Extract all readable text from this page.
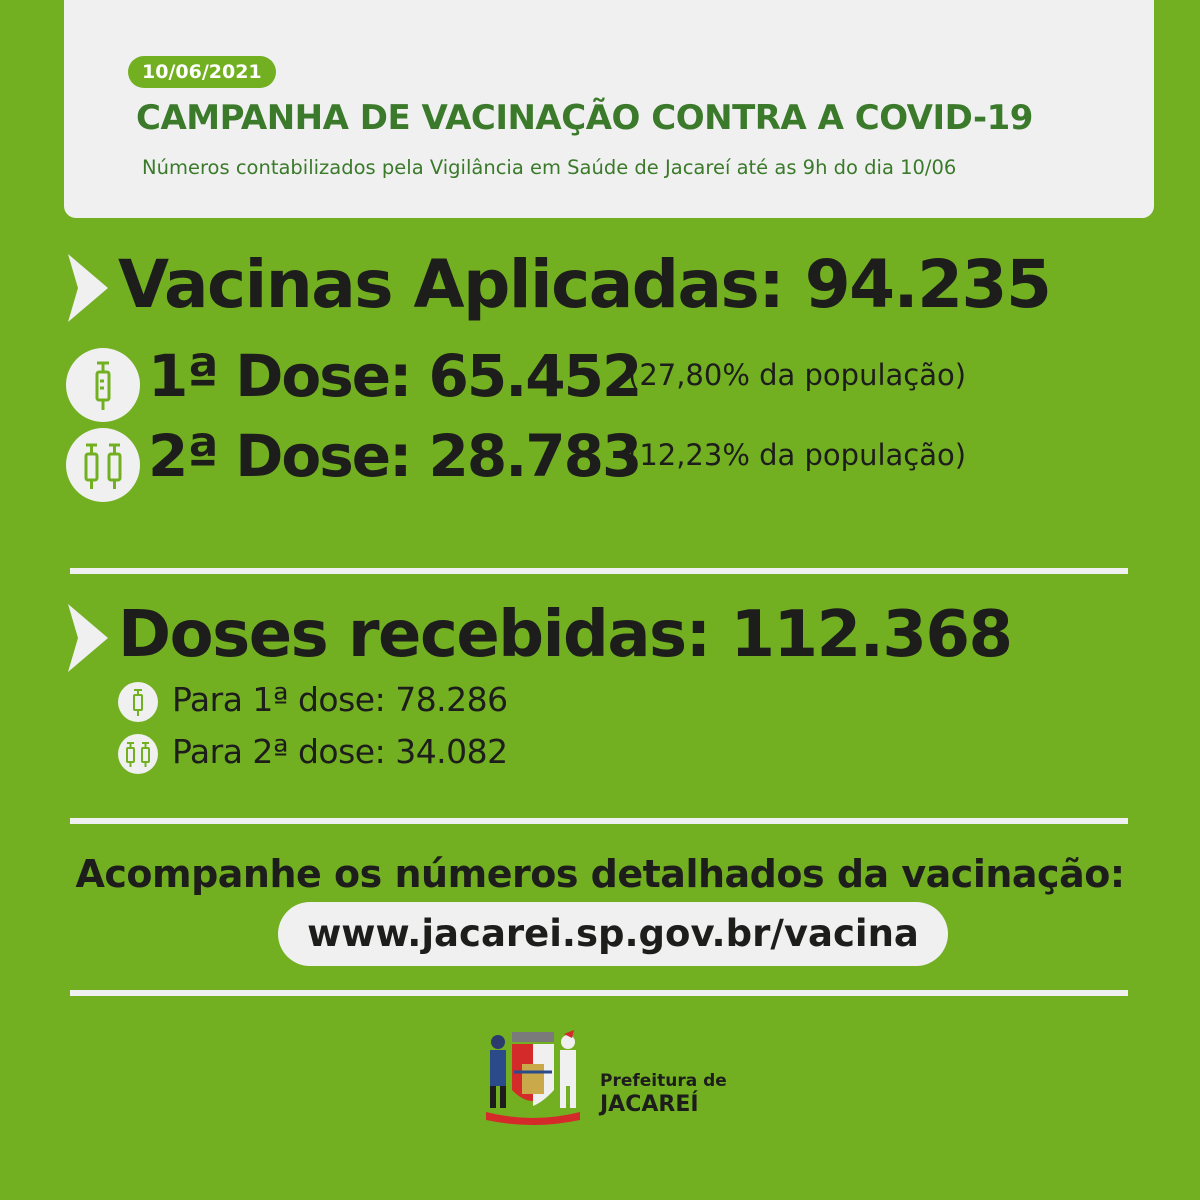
10/06/2021
CAMPANHA DE VACINAÇÃO CONTRA A COVID-19
Números contabilizados pela Vigilância em Saúde de Jacareí até as 9h do dia 10/06
Vacinas Aplicadas: 94.235
1ª Dose: 65.452
(27,80% da população)
2ª Dose: 28.783
(12,23% da população)
Doses recebidas: 112.368
Para 1ª dose: 78.286
Para 2ª dose: 34.082
Acompanhe os números detalhados da vacinação:
www.jacarei.sp.gov.br/vacina
Prefeitura de
JACAREÍ
